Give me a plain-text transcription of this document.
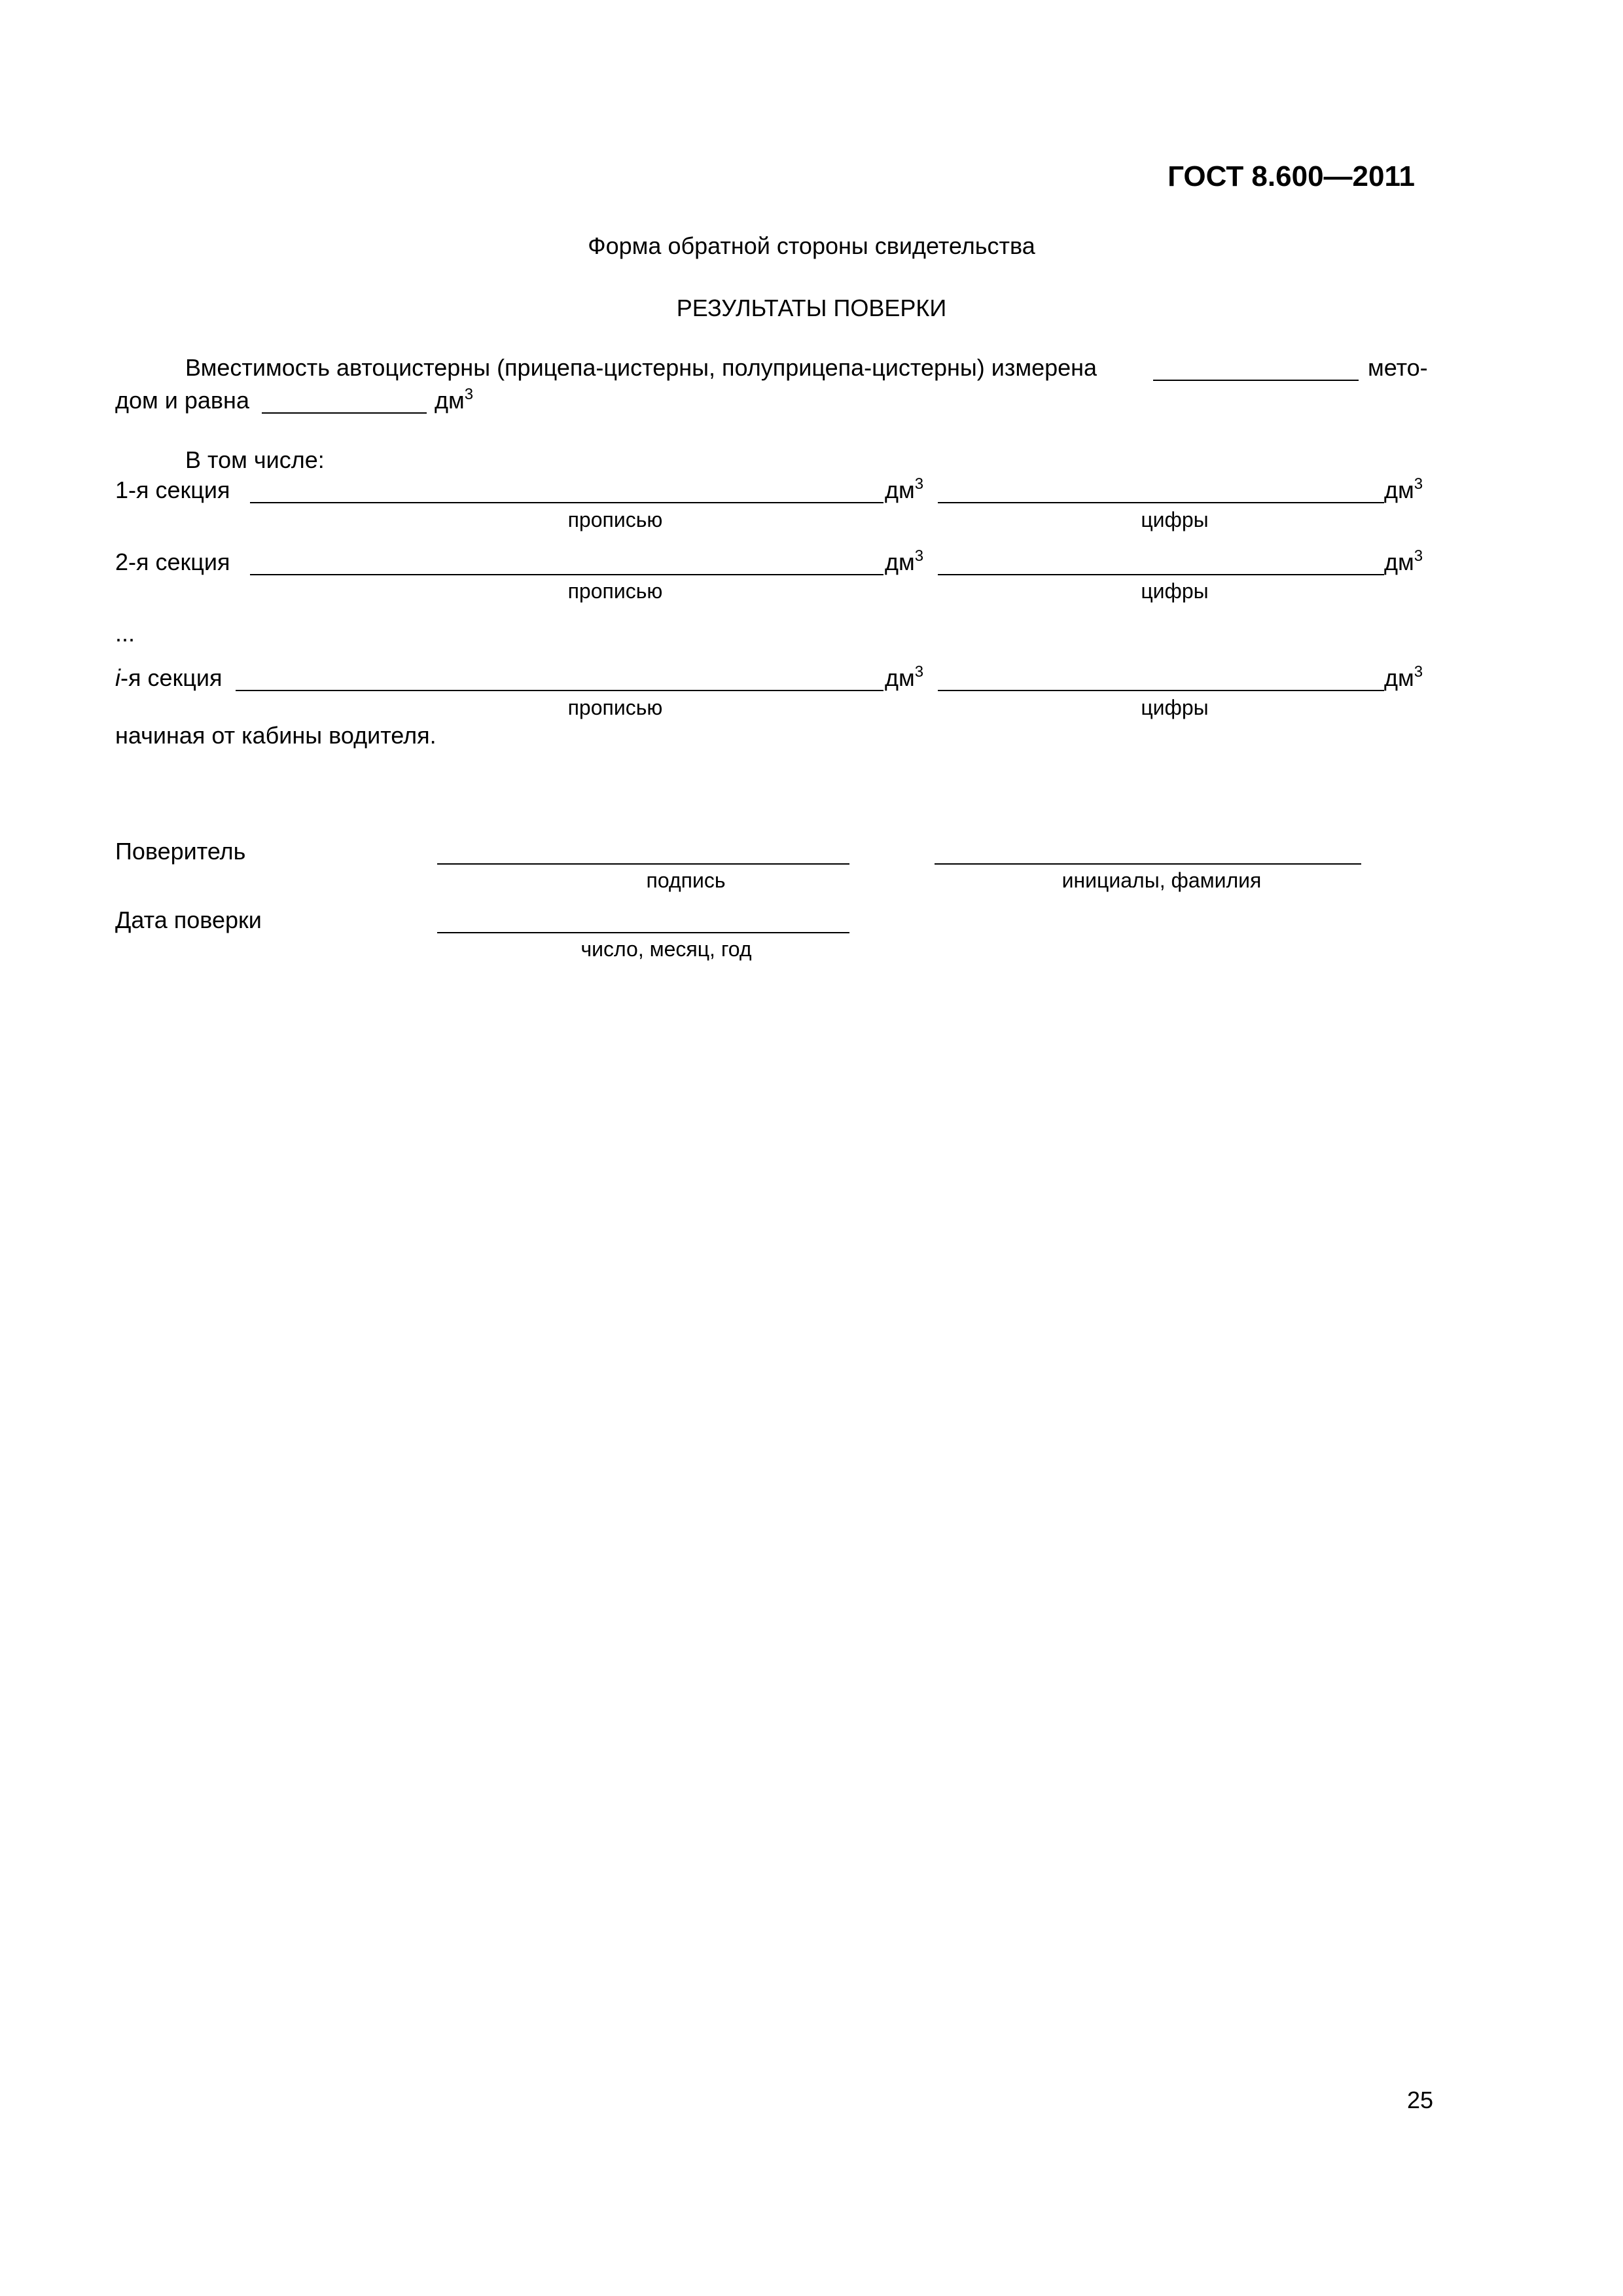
ГОСТ 8.600—2011
Форма обратной стороны свидетельства
РЕЗУЛЬТАТЫ ПОВЕРКИ
Вместимость автоцистерны (прицепа-цистерны, полуприцепа-цистерны) измерена	мето-
дом и равна	$дм^3$
В том числе:
1-я секция	$дм^3$	$дм^3$
прописью	цифры
2-я секция	$дм^3$	$дм^3$
прописью	цифры
...
i-я секция	$дм^3$	$дм^3$
прописью	цифры
начиная от кабины водителя.
Поверитель
подпись	инициалы, фамилия
Дата поверки
число, месяц, год
25
